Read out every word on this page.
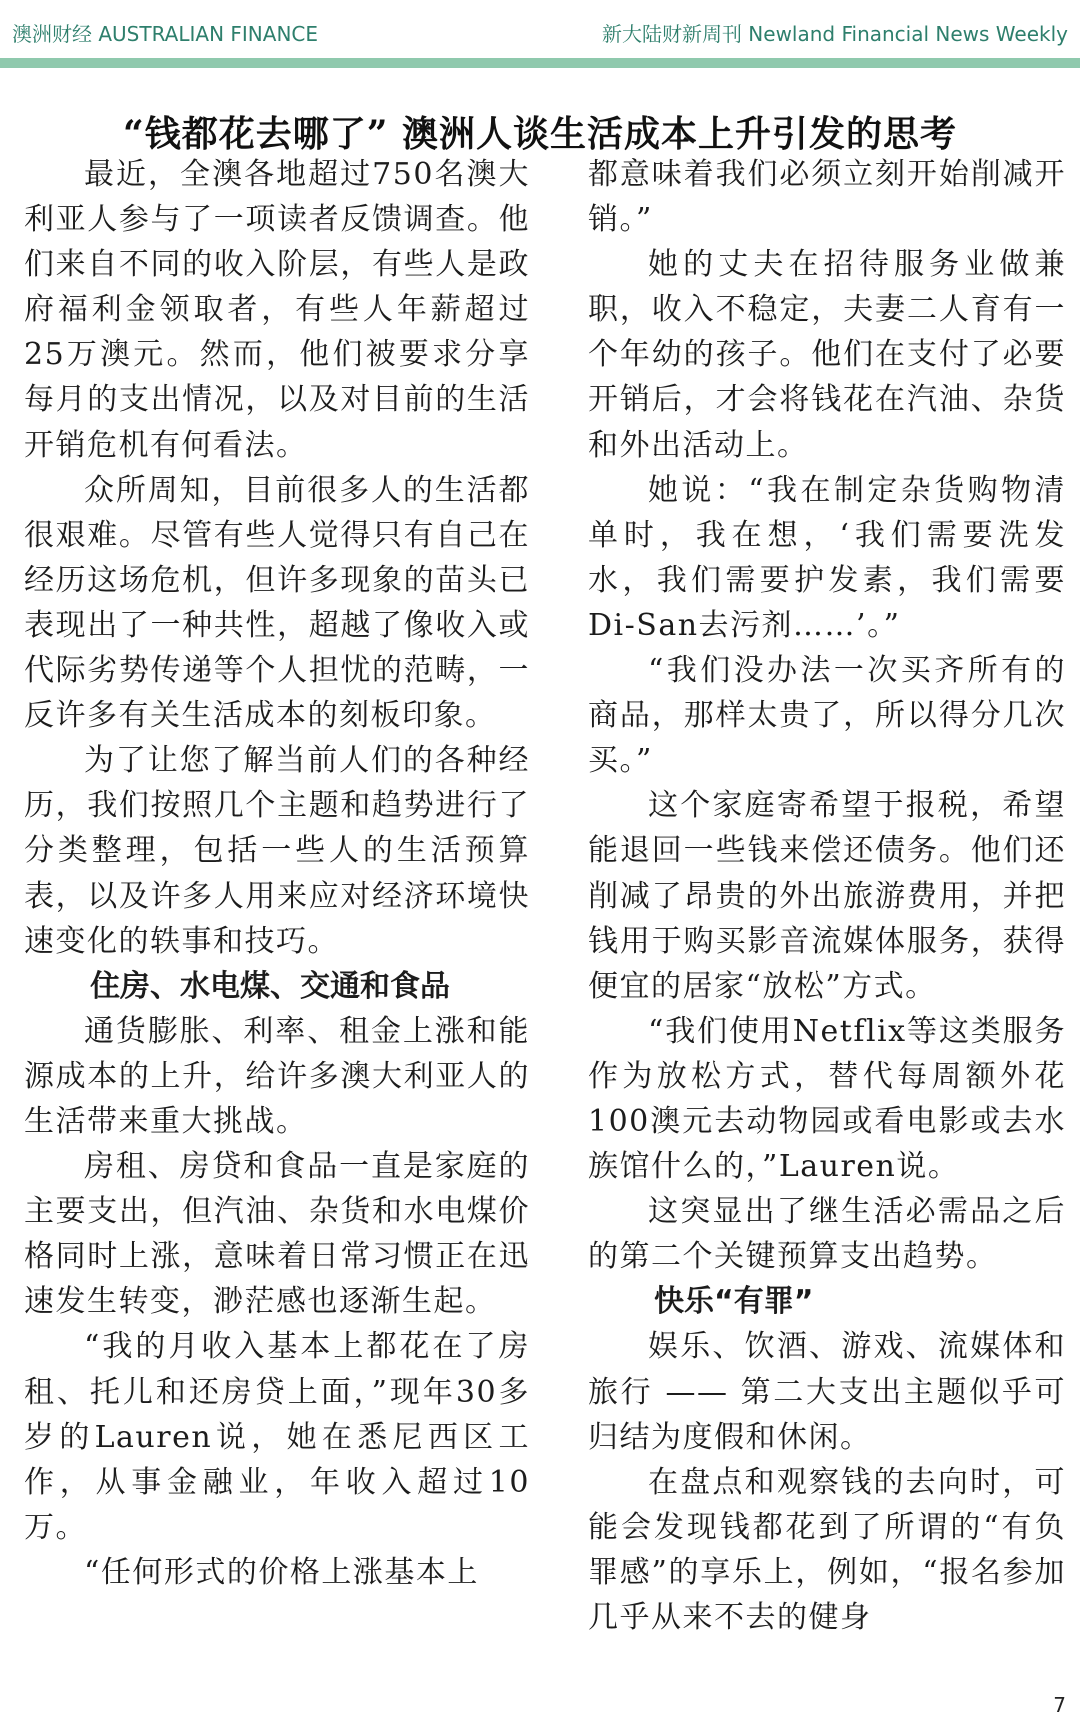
澳洲财经 AUSTRALIAN FINANCE	新大陆财新周刊 Newland Financial News Weekly
“钱都花去哪了” 澳洲人谈生活成本上升引发的思考

最近，全澳各地超过750名澳大利亚人参与了一项读者反馈调查。他们来自不同的收入阶层，有些人是政府福利金领取者，有些人年薪超过25万澳元。然而，他们被要求分享每月的支出情况，以及对目前的生活开销危机有何看法。

众所周知，目前很多人的生活都很艰难。尽管有些人觉得只有自己在经历这场危机，但许多现象的苗头已表现出了一种共性，超越了像收入或代际劣势传递等个人担忧的范畴，一反许多有关生活成本的刻板印象。

为了让您了解当前人们的各种经历，我们按照几个主题和趋势进行了分类整理，包括一些人的生活预算表，以及许多人用来应对经济环境快速变化的轶事和技巧。

住房、水电煤、交通和食品

通货膨胀、利率、租金上涨和能源成本的上升，给许多澳大利亚人的生活带来重大挑战。

房租、房贷和食品一直是家庭的主要支出，但汽油、杂货和水电煤价格同时上涨，意味着日常习惯正在迅速发生转变，渺茫感也逐渐生起。

“我的月收入基本上都花在了房租、托儿和还房贷上面，”现年30多岁的Lauren说，她在悉尼西区工作，从事金融业，年收入超过10万。

“任何形式的价格上涨基本上

都意味着我们必须立刻开始削减开销。”

她的丈夫在招待服务业做兼职，收入不稳定，夫妻二人育有一个年幼的孩子。他们在支付了必要开销后，才会将钱花在汽油、杂货和外出活动上。

她说：“我在制定杂货购物清单时，我在想，‘我们需要洗发水，我们需要护发素，我们需要Di-San去污剂……’。”

“我们没办法一次买齐所有的商品，那样太贵了，所以得分几次买。”

这个家庭寄希望于报税，希望能退回一些钱来偿还债务。他们还削减了昂贵的外出旅游费用，并把钱用于购买影音流媒体服务，获得便宜的居家“放松”方式。

“我们使用Netflix等这类服务作为放松方式，替代每周额外花100澳元去动物园或看电影或去水族馆什么的，”Lauren说。

这突显出了继生活必需品之后的第二个关键预算支出趋势。

快乐“有罪”

娱乐、饮酒、游戏、流媒体和旅行 —— 第二大支出主题似乎可归结为度假和休闲。

在盘点和观察钱的去向时，可能会发现钱都花到了所谓的“有负罪感”的享乐上，例如，“报名参加几乎从来不去的健身

7
